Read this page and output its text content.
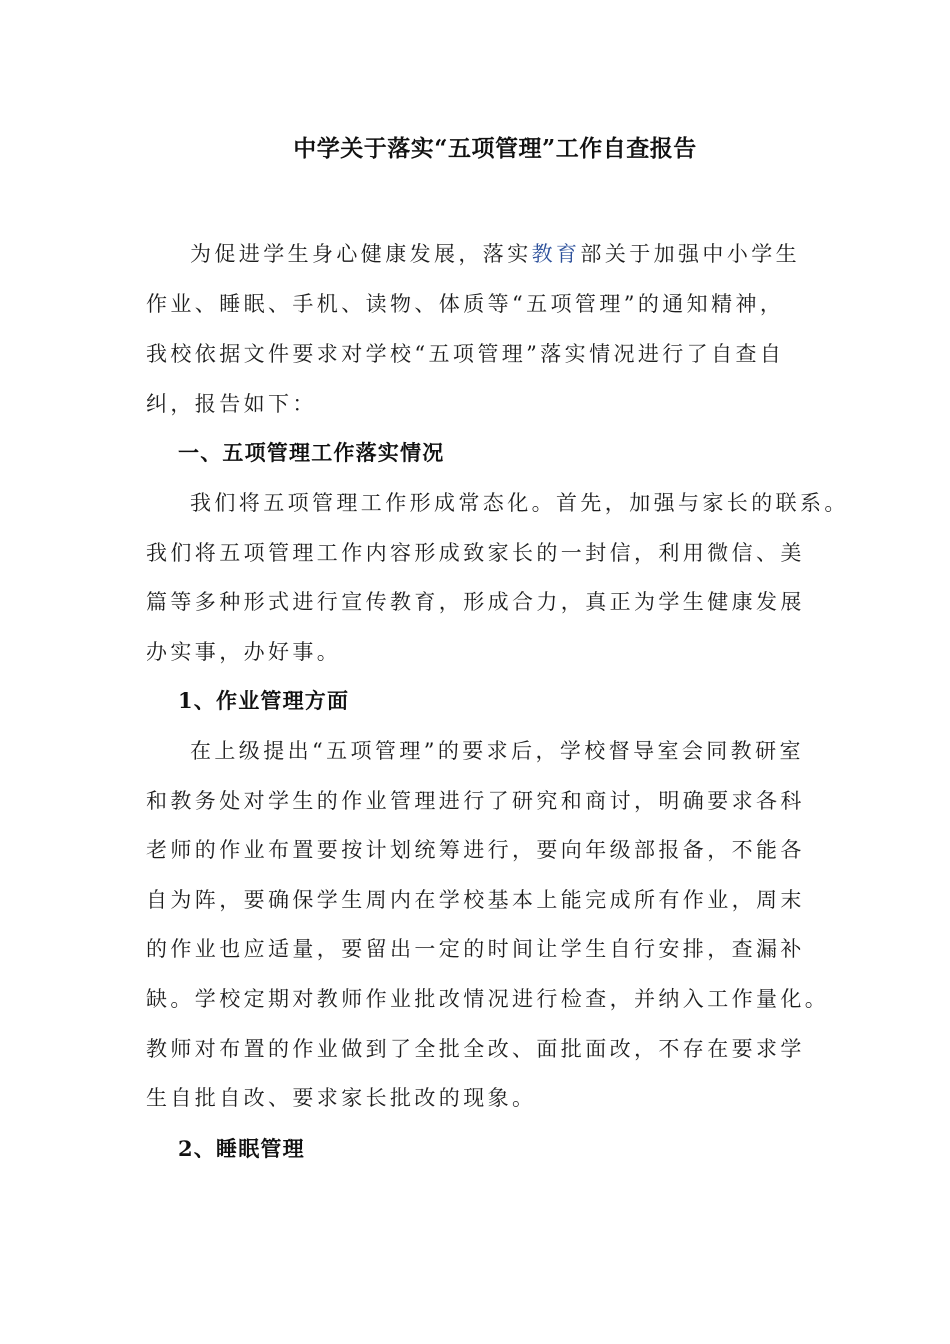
中学关于落实“五项管理”工作自查报告
为促进学生身心健康发展，落实教育部关于加强中小学生
作业、睡眠、手机、读物、体质等“五项管理”的通知精神，
我校依据文件要求对学校“五项管理”落实情况进行了自查自
纠，报告如下：
一、五项管理工作落实情况
我们将五项管理工作形成常态化。首先，加强与家长的联系。
我们将五项管理工作内容形成致家长的一封信，利用微信、美
篇等多种形式进行宣传教育，形成合力，真正为学生健康发展
办实事，办好事。
1、作业管理方面
在上级提出“五项管理”的要求后，学校督导室会同教研室
和教务处对学生的作业管理进行了研究和商讨，明确要求各科
老师的作业布置要按计划统筹进行，要向年级部报备，不能各
自为阵，要确保学生周内在学校基本上能完成所有作业，周末
的作业也应适量，要留出一定的时间让学生自行安排，查漏补
缺。学校定期对教师作业批改情况进行检查，并纳入工作量化。
教师对布置的作业做到了全批全改、面批面改，不存在要求学
生自批自改、要求家长批改的现象。
2、睡眠管理
